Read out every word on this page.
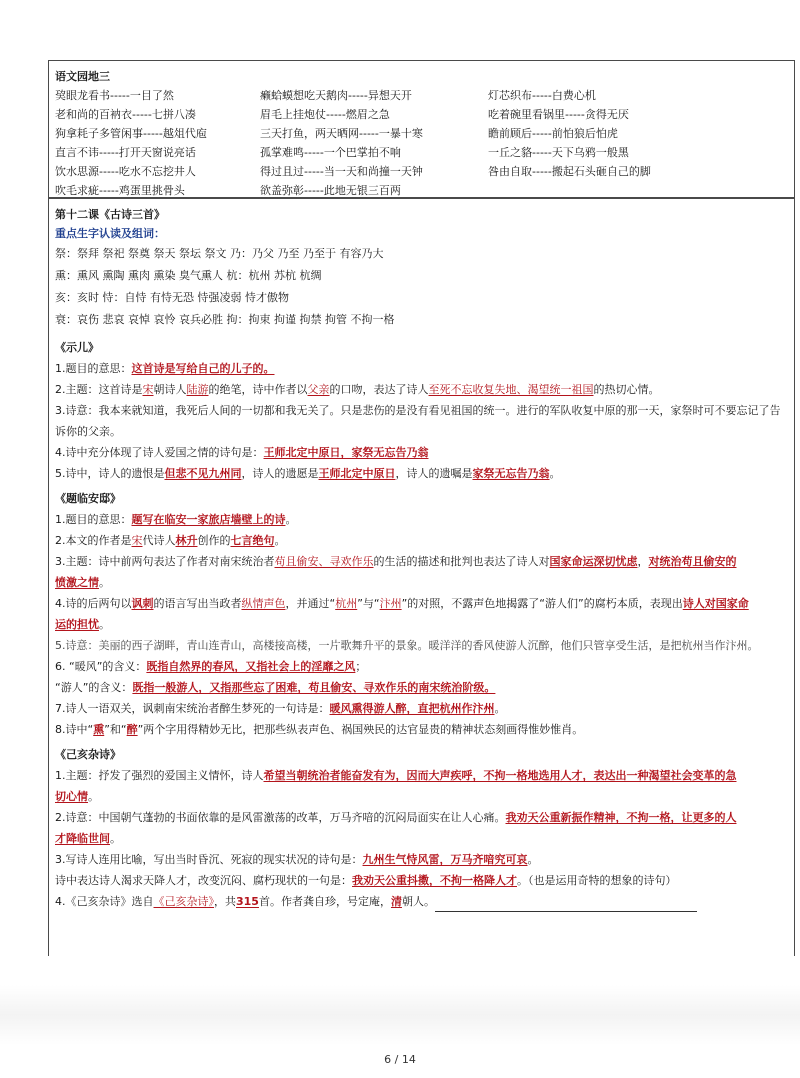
语文园地三
巭眼龙看书-----一目了然	癞蛤蟆想吃天鹅肉-----异想天开	灯芯织布-----白费心机
老和尚的百衲衣-----七拼八凑	眉毛上挂炮仗-----燃眉之急	吃着碗里看锅里-----贪得无厌
狗拿耗子多管闲事-----越俎代庖	三天打鱼，两天晒网-----一暴十寒	瞻前顾后-----前怕狼后怕虎
直言不讳-----打开天窗说亮话	孤掌难鸣-----一个巴掌拍不响	一丘之貉-----天下乌鸦一般黑
饮水思源-----吃水不忘挖井人	得过且过-----当一天和尚撞一天钟	咎由自取-----搬起石头砸自己的脚
吹毛求疵-----鸡蛋里挑骨头	欲盖弥彰-----此地无银三百两
第十二课《古诗三首》
重点生字认读及组词：
祭：祭拜 祭祀 祭奠 祭天 祭坛 祭文 乃：乃父 乃至 乃至于 有容乃大
熏：熏风 熏陶 熏肉 熏染 臭气熏人 杭：杭州 苏杭 杭绸
亥：亥时 恃：自恃 有恃无恐 恃强凌弱 恃才傲物
衰：哀伤 悲哀 哀悼 哀怜 哀兵必胜 拘：拘束 拘谨 拘禁 拘管 不拘一格
《示儿》
1.题目的意思：这首诗是写给自己的儿子的。
2.主题：这首诗是宋朝诗人陆游的绝笔，诗中作者以父亲的口吻，表达了诗人至死不忘收复失地、渴望统一祖国的热切心情。
3.诗意：我本来就知道，我死后人间的一切都和我无关了。只是悲伤的是没有看见祖国的统一。进行的军队收复中原的那一天，家祭时可不要忘记了告诉你的父亲。
4.诗中充分体现了诗人爱国之情的诗句是：王师北定中原日，家祭无忘告乃翁
5.诗中，诗人的遗恨是但悲不见九州同，诗人的遗愿是王师北定中原日，诗人的遗嘱是家祭无忘告乃翁。
《题临安邸》
1.题目的意思：题写在临安一家旅店墙壁上的诗。
2.本文的作者是宋代诗人林升创作的七言绝句。
3.主题：诗中前两句表达了作者对南宋统治者苟且偷安、寻欢作乐的生活的描述和批判也表达了诗人对国家命运深切忧虑，对统治苟且偷安的
愤激之情。
4.诗的后两句以讽刺的语言写出当政者纵情声色，并通过“杭州”与“汴州”的对照，不露声色地揭露了“游人们”的腐朽本质，表现出诗人对国家命
运的担忧。
5.诗意：美丽的西子湖畔，青山连青山，高楼接高楼，一片歌舞升平的景象。暖洋洋的香风使游人沉醉，他们只管享受生活，是把杭州当作汴州。
6. “暖风”的含义：既指自然界的春风，又指社会上的淫靡之风；
“游人”的含义：既指一般游人，又指那些忘了困难，苟且偷安、寻欢作乐的南宋统治阶级。
7.诗人一语双关，讽刺南宋统治者醉生梦死的一句诗是：暖风熏得游人醉，直把杭州作汴州。
8.诗中“熏”和“醉”两个字用得精妙无比，把那些纵表声色、祸国殃民的达官显贵的精神状态刻画得惟妙惟肖。
《己亥杂诗》
1.主题：抒发了强烈的爱国主义情怀，诗人希望当朝统治者能奋发有为，因而大声疾呼，不拘一格地选用人才，表达出一种渴望社会变革的急
切心情。
2.诗意：中国朝气蓬勃的书面依靠的是风雷激荡的改革，万马齐喑的沉闷局面实在让人心痛。我劝天公重新振作精神，不拘一格，让更多的人
才降临世间。
3.写诗人连用比喻，写出当时昏沉、死寂的现实状况的诗句是：九州生气恃风雷，万马齐喑究可哀。
诗中表达诗人渴求天降人才，改变沉闷、腐朽现状的一句是：我劝天公重抖擞，不拘一格降人才。（也是运用奇特的想象的诗句）
4.《己亥杂诗》选自《己亥杂诗》，共315首。作者龚自珍，号定庵，清朝人。
6 / 14
